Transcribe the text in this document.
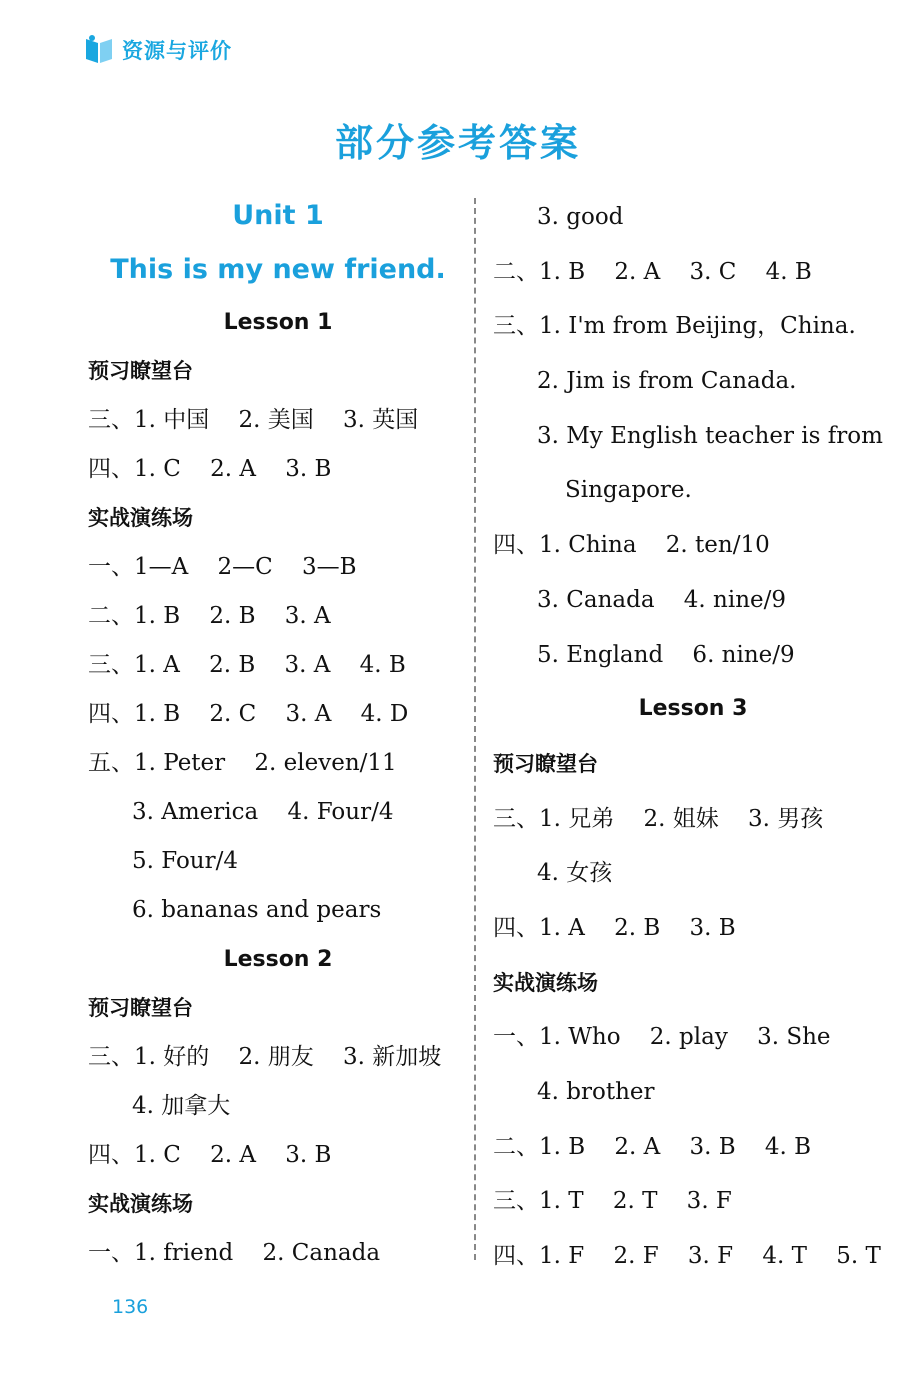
资源与评价
部分参考答案
Unit 1
This is my new friend.
Lesson 1
预习瞭望台
三、1. 中国    2. 美国    3. 英国
四、1. C    2. A    3. B
实战演练场
一、1—A    2—C    3—B
二、1. B    2. B    3. A
三、1. A    2. B    3. A    4. B
四、1. B    2. C    3. A    4. D
五、1. Peter    2. eleven/11
3. America    4. Four/4
5. Four/4
6. bananas and pears
Lesson 2
预习瞭望台
三、1. 好的    2. 朋友    3. 新加坡
4. 加拿大
四、1. C    2. A    3. B
实战演练场
一、1. friend    2. Canada
3. good
二、1. B    2. A    3. C    4. B
三、1. I'm from Beijing，China.
2. Jim is from Canada.
3. My English teacher is from
Singapore.
四、1. China    2. ten/10
3. Canada    4. nine/9
5. England    6. nine/9
Lesson 3
预习瞭望台
三、1. 兄弟    2. 姐妹    3. 男孩
4. 女孩
四、1. A    2. B    3. B
实战演练场
一、1. Who    2. play    3. She
4. brother
二、1. B    2. A    3. B    4. B
三、1. T    2. T    3. F
四、1. F    2. F    3. F    4. T    5. T
136
